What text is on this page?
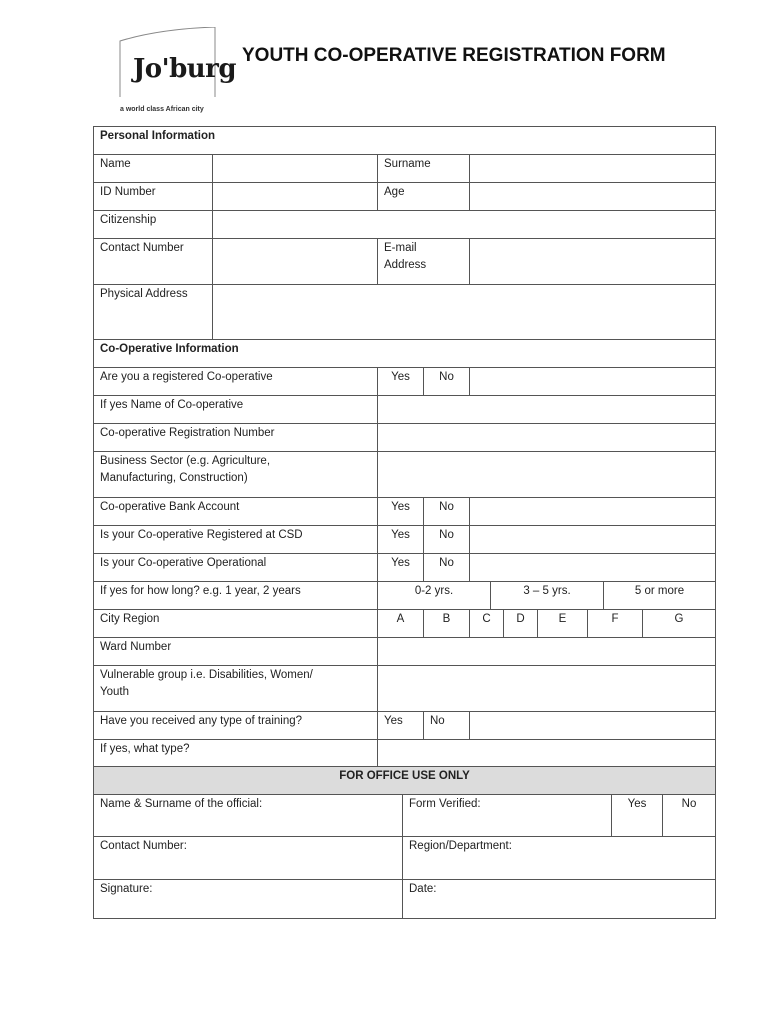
Jo'burg
a world class African city
YOUTH CO-OPERATIVE REGISTRATION FORM
Personal Information
Name	Surname
ID Number	Age
Citizenship
Contact Number	E-mail
Address
Physical Address
Co-Operative Information
Are you a registered Co-operative	Yes	No
If yes Name of Co-operative
Co-operative Registration Number
Business Sector (e.g. Agriculture,
Manufacturing, Construction)
Co-operative Bank Account	Yes	No
Is your Co-operative Registered at CSD	Yes	No
Is your Co-operative Operational	Yes	No
If yes for how long? e.g. 1 year, 2 years	0-2 yrs.	3 – 5 yrs.	5 or more
City Region	A	B	C	D	E	F	G
Ward Number
Vulnerable group i.e. Disabilities, Women/
Youth
Have you received any type of training?	Yes	No
If yes, what type?
FOR OFFICE USE ONLY
Name & Surname of the official:	Form Verified:	Yes	No
Contact Number:	Region/Department:
Signature:	Date:
